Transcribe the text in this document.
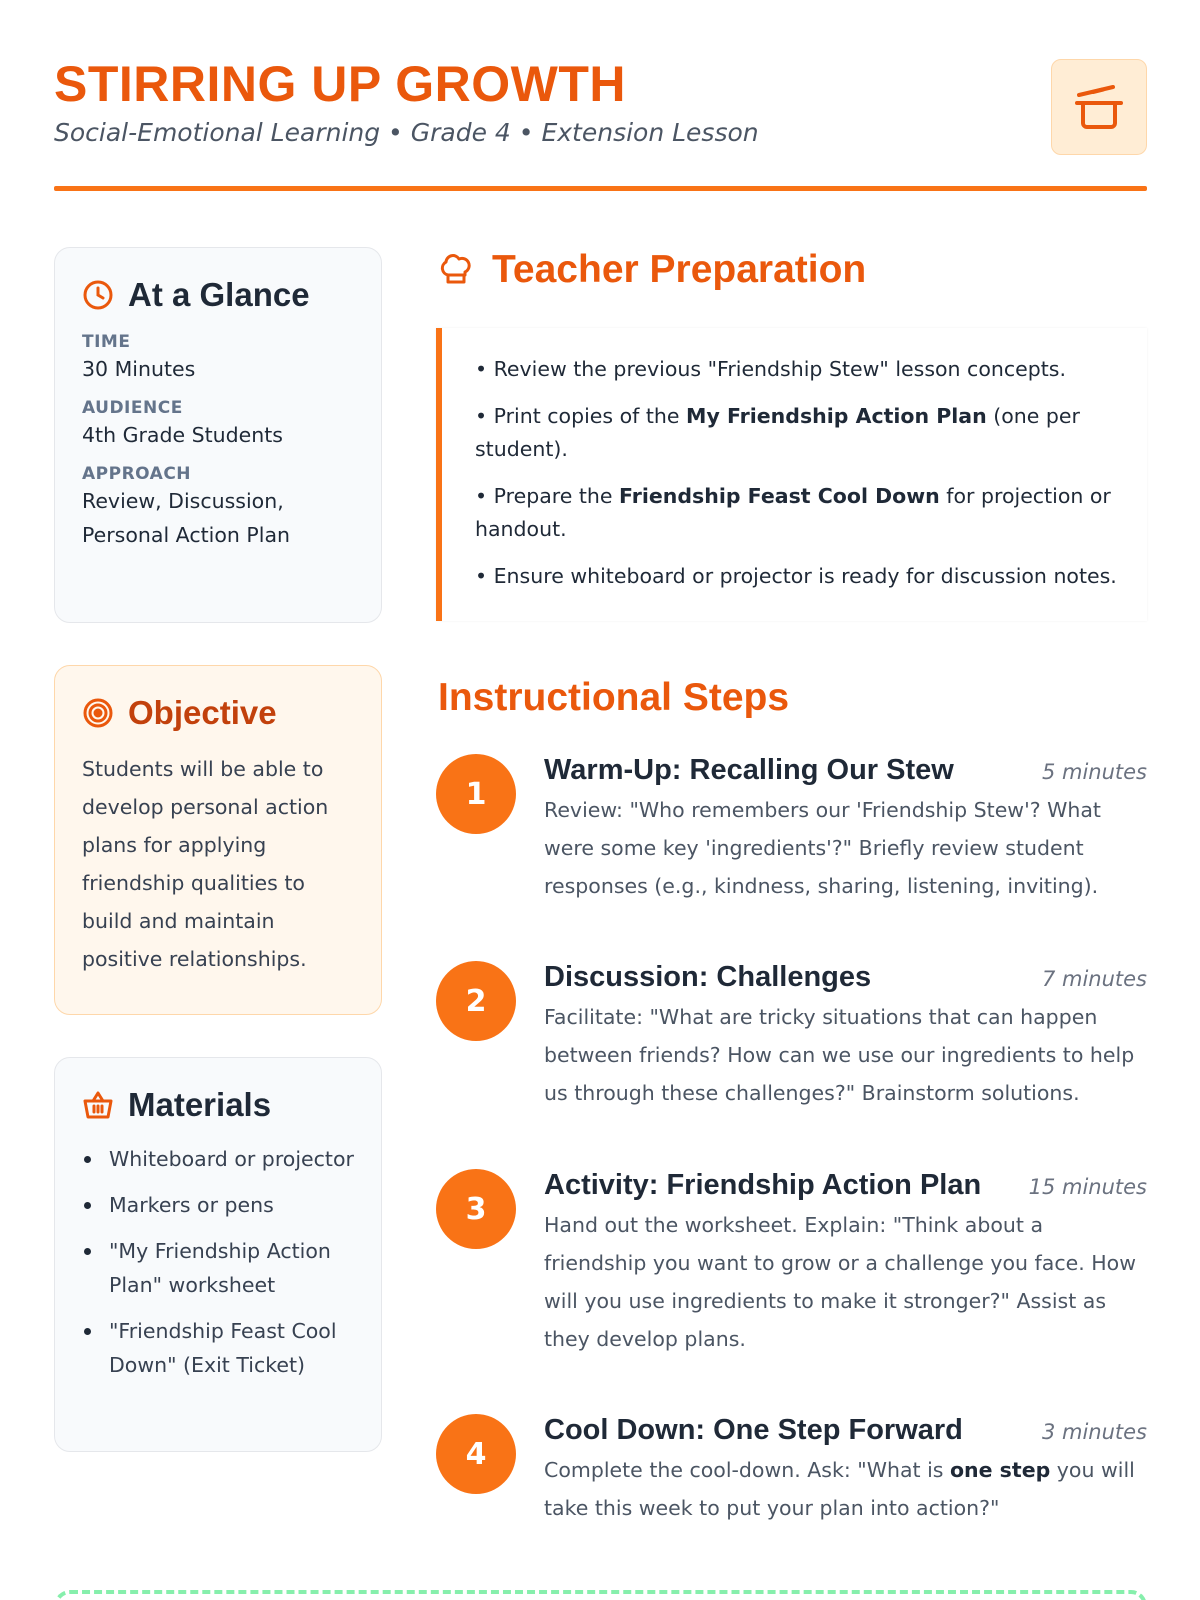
STIRRING UP GROWTH
Social-Emotional Learning • Grade 4 • Extension Lesson
At a Glance
TIME
30 Minutes
AUDIENCE
4th Grade Students
APPROACH
Review, Discussion, Personal Action Plan
Objective
Students will be able to develop personal action plans for applying friendship qualities to build and maintain positive relationships.
Materials
Whiteboard or projector
Markers or pens
"My Friendship Action Plan" worksheet
"Friendship Feast Cool Down" (Exit Ticket)
Teacher Preparation
• Review the previous "Friendship Stew" lesson concepts.
• Print copies of the My Friendship Action Plan (one per student).
• Prepare the Friendship Feast Cool Down for projection or handout.
• Ensure whiteboard or projector is ready for discussion notes.
Instructional Steps
1
Warm-Up: Recalling Our Stew	5 minutes
Review: "Who remembers our 'Friendship Stew'? What were some key 'ingredients'?" Briefly review student responses (e.g., kindness, sharing, listening, inviting).
2
Discussion: Challenges	7 minutes
Facilitate: "What are tricky situations that can happen between friends? How can we use our ingredients to help us through these challenges?" Brainstorm solutions.
3
Activity: Friendship Action Plan 15 minutes
Hand out the worksheet. Explain: "Think about a friendship you want to grow or a challenge you face. How will you use ingredients to make it stronger?" Assist as they develop plans.
4
Cool Down: One Step Forward	3 minutes
Complete the cool-down. Ask: "What is one step you will take this week to put your plan into action?"
